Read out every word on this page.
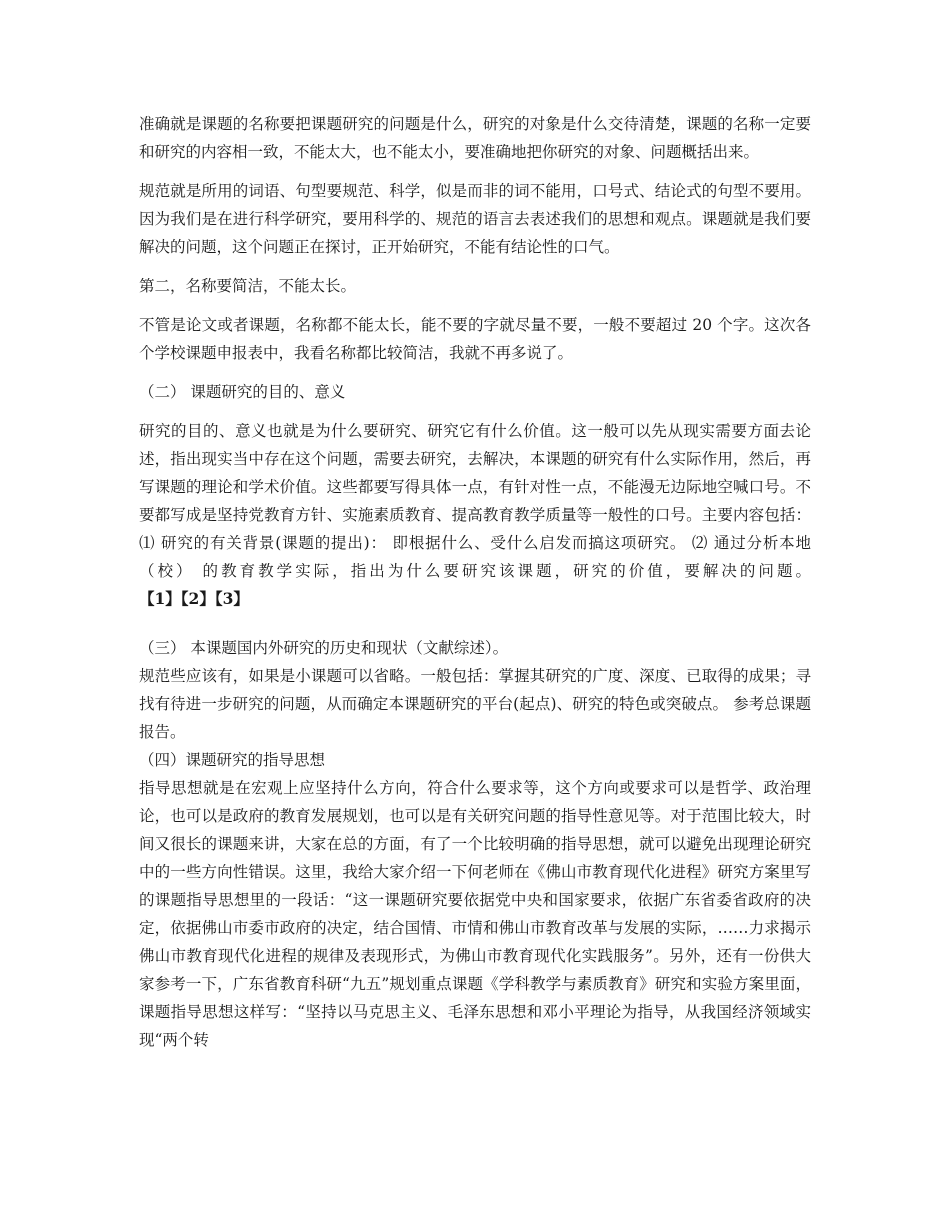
准确就是课题的名称要把课题研究的问题是什么，研究的对象是什么交待清楚，课题的名称一定要和研究的内容相一致，不能太大，也不能太小，要准确地把你研究的对象、问题概括出来。

规范就是所用的词语、句型要规范、科学，似是而非的词不能用，口号式、结论式的句型不要用。因为我们是在进行科学研究，要用科学的、规范的语言去表述我们的思想和观点。课题就是我们要解决的问题，这个问题正在探讨，正开始研究，不能有结论性的口气。

第二，名称要简洁，不能太长。

不管是论文或者课题，名称都不能太长，能不要的字就尽量不要，一般不要超过 20 个字。这次各个学校课题申报表中，我看名称都比较简洁，我就不再多说了。

（二） 课题研究的目的、意义

研究的目的、意义也就是为什么要研究、研究它有什么价值。这一般可以先从现实需要方面去论述，指出现实当中存在这个问题，需要去研究，去解决，本课题的研究有什么实际作用，然后，再写课题的理论和学术价值。这些都要写得具体一点，有针对性一点，不能漫无边际地空喊口号。不要都写成是坚持党教育方针、实施素质教育、提高教育教学质量等一般性的口号。主要内容包括：⑴ 研究的有关背景(课题的提出)： 即根据什么、受什么启发而搞这项研究。 ⑵ 通过分析本地（校） 的教育教学实际，指出为什么要研究该课题，研究的价值，要解决的问题。 【1】【2】【3】

（三） 本课题国内外研究的历史和现状（文献综述）。

规范些应该有，如果是小课题可以省略。一般包括：掌握其研究的广度、深度、已取得的成果；寻找有待进一步研究的问题，从而确定本课题研究的平台(起点)、研究的特色或突破点。 参考总课题报告。

（四）课题研究的指导思想

指导思想就是在宏观上应坚持什么方向，符合什么要求等，这个方向或要求可以是哲学、政治理论，也可以是政府的教育发展规划，也可以是有关研究问题的指导性意见等。对于范围比较大，时间又很长的课题来讲，大家在总的方面，有了一个比较明确的指导思想，就可以避免出现理论研究中的一些方向性错误。这里，我给大家介绍一下何老师在《佛山市教育现代化进程》研究方案里写的课题指导思想里的一段话：“这一课题研究要依据党中央和国家要求，依据广东省委省政府的决定，依据佛山市委市政府的决定，结合国情、市情和佛山市教育改革与发展的实际，……力求揭示佛山市教育现代化进程的规律及表现形式，为佛山市教育现代化实践服务”。另外，还有一份供大家参考一下，广东省教育科研“九五”规划重点课题《学科教学与素质教育》研究和实验方案里面，课题指导思想这样写：“坚持以马克思主义、毛泽东思想和邓小平理论为指导，从我国经济领域实现“两个转
